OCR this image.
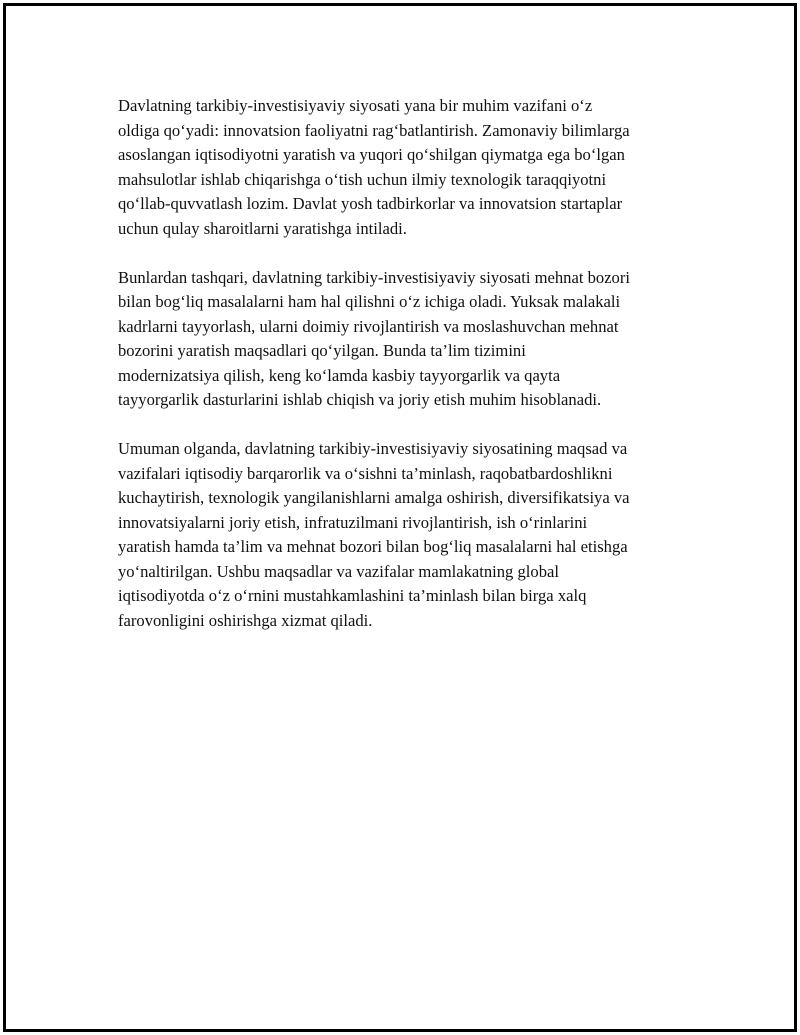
Davlatning tarkibiy-investisiyaviy siyosati yana bir muhim vazifani o‘z
oldiga qo‘yadi: innovatsion faoliyatni rag‘batlantirish. Zamonaviy bilimlarga
asoslangan iqtisodiyotni yaratish va yuqori qo‘shilgan qiymatga ega bo‘lgan
mahsulotlar ishlab chiqarishga o‘tish uchun ilmiy texnologik taraqqiyotni
qo‘llab-quvvatlash lozim. Davlat yosh tadbirkorlar va innovatsion startaplar
uchun qulay sharoitlarni yaratishga intiladi.

Bunlardan tashqari, davlatning tarkibiy-investisiyaviy siyosati mehnat bozori
bilan bog‘liq masalalarni ham hal qilishni o‘z ichiga oladi. Yuksak malakali
kadrlarni tayyorlash, ularni doimiy rivojlantirish va moslashuvchan mehnat
bozorini yaratish maqsadlari qo‘yilgan. Bunda ta’lim tizimini
modernizatsiya qilish, keng ko‘lamda kasbiy tayyorgarlik va qayta
tayyorgarlik dasturlarini ishlab chiqish va joriy etish muhim hisoblanadi.

Umuman olganda, davlatning tarkibiy-investisiyaviy siyosatining maqsad va
vazifalari iqtisodiy barqarorlik va o‘sishni ta’minlash, raqobatbardoshlikni
kuchaytirish, texnologik yangilanishlarni amalga oshirish, diversifikatsiya va
innovatsiyalarni joriy etish, infratuzilmani rivojlantirish, ish o‘rinlarini
yaratish hamda ta’lim va mehnat bozori bilan bog‘liq masalalarni hal etishga
yo‘naltirilgan. Ushbu maqsadlar va vazifalar mamlakatning global
iqtisodiyotda o‘z o‘rnini mustahkamlashini ta’minlash bilan birga xalq
farovonligini oshirishga xizmat qiladi.
